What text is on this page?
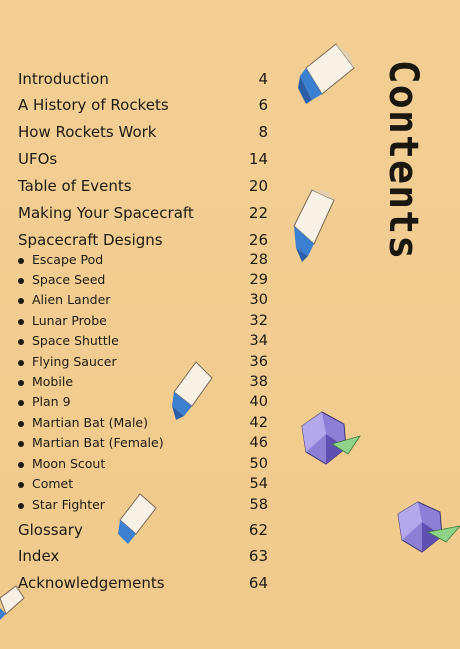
Contents
Introduction	4
A History of Rockets	6
How Rockets Work	8
UFOs	14
Table of Events	20
Making Your Spacecraft	22
Spacecraft Designs	26
Escape Pod	28
Space Seed	29
Alien Lander	30
Lunar Probe	32
Space Shuttle	34
Flying Saucer	36
Mobile	38
Plan 9	40
Martian Bat (Male)	42
Martian Bat (Female)	46
Moon Scout	50
Comet	54
Star Fighter	58
Glossary	62
Index	63
Acknowledgements	64
